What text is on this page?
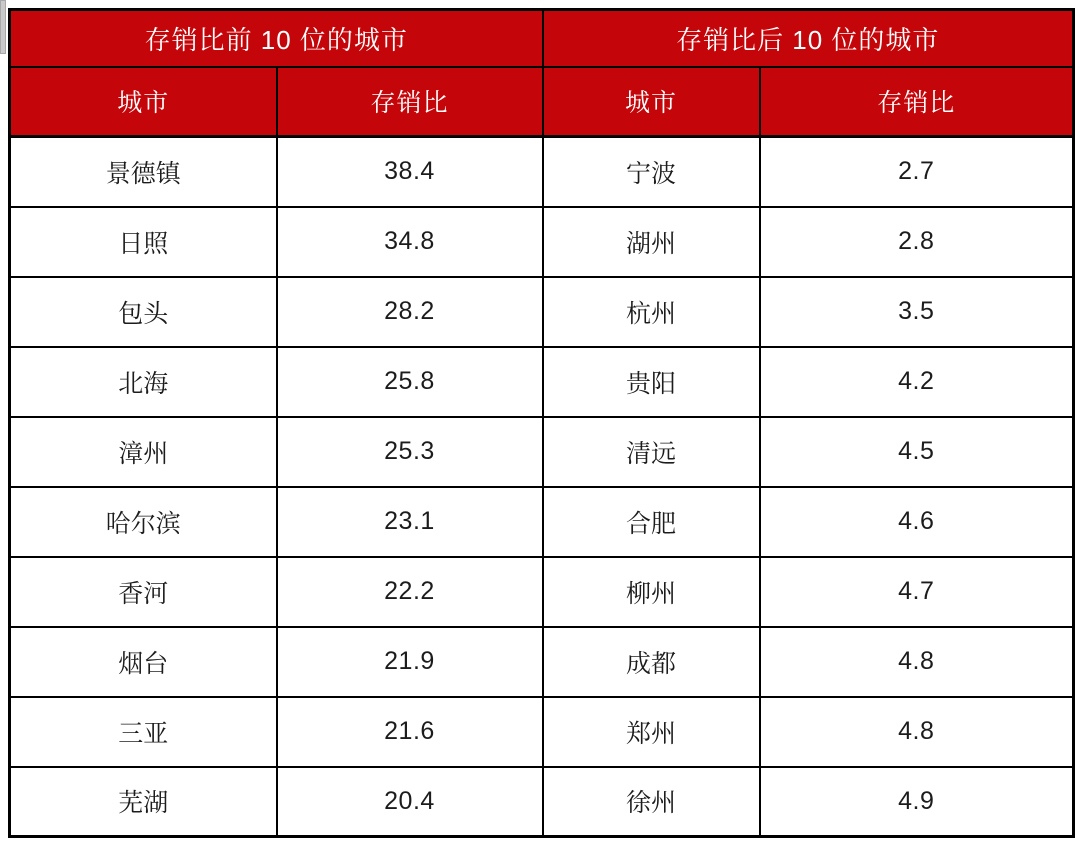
存销比前 10 位的城市		存销比后 10 位的城市	
城市	存销比	城市	存销比
景德镇	38.4	宁波	2.7
日照	34.8	湖州	2.8
包头	28.2	杭州	3.5
北海	25.8	贵阳	4.2
漳州	25.3	清远	4.5
哈尔滨	23.1	合肥	4.6
香河	22.2	柳州	4.7
烟台	21.9	成都	4.8
三亚	21.6	郑州	4.8
芜湖	20.4	徐州	4.9
